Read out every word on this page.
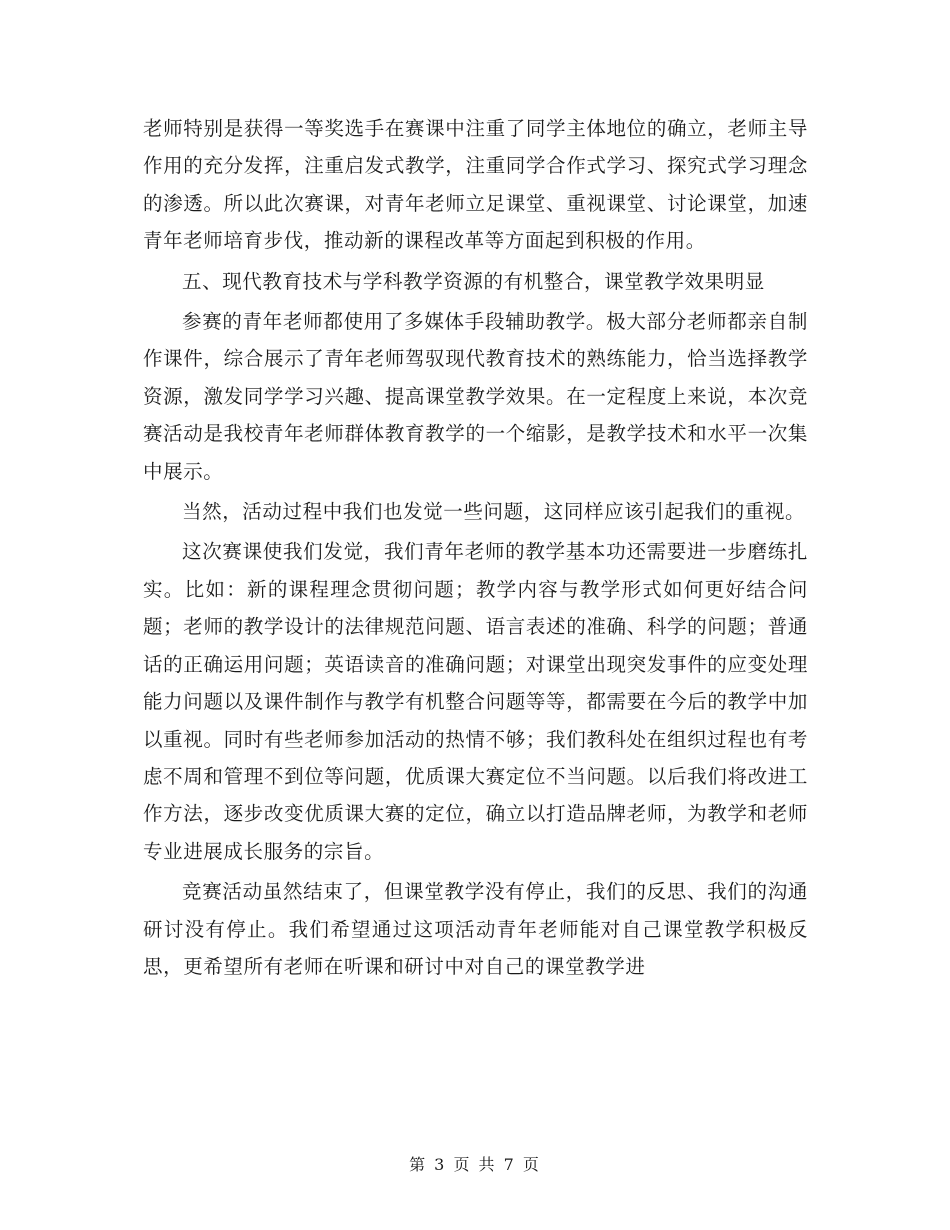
老师特别是获得一等奖选手在赛课中注重了同学主体地位的确立，老师主导作用的充分发挥，注重启发式教学，注重同学合作式学习、探究式学习理念的渗透。所以此次赛课，对青年老师立足课堂、重视课堂、讨论课堂，加速青年老师培育步伐，推动新的课程改革等方面起到积极的作用。

五、现代教育技术与学科教学资源的有机整合，课堂教学效果明显

参赛的青年老师都使用了多媒体手段辅助教学。极大部分老师都亲自制作课件，综合展示了青年老师驾驭现代教育技术的熟练能力，恰当选择教学资源，激发同学学习兴趣、提高课堂教学效果。在一定程度上来说，本次竞赛活动是我校青年老师群体教育教学的一个缩影，是教学技术和水平一次集中展示。

当然，活动过程中我们也发觉一些问题，这同样应该引起我们的重视。

这次赛课使我们发觉，我们青年老师的教学基本功还需要进一步磨练扎实。比如：新的课程理念贯彻问题；教学内容与教学形式如何更好结合问题；老师的教学设计的法律规范问题、语言表述的准确、科学的问题；普通话的正确运用问题；英语读音的准确问题；对课堂出现突发事件的应变处理能力问题以及课件制作与教学有机整合问题等等，都需要在今后的教学中加以重视。同时有些老师参加活动的热情不够；我们教科处在组织过程也有考虑不周和管理不到位等问题，优质课大赛定位不当问题。以后我们将改进工作方法，逐步改变优质课大赛的定位，确立以打造品牌老师，为教学和老师专业进展成长服务的宗旨。

竞赛活动虽然结束了，但课堂教学没有停止，我们的反思、我们的沟通研讨没有停止。我们希望通过这项活动青年老师能对自己课堂教学积极反思，更希望所有老师在听课和研讨中对自己的课堂教学进

第 3 页 共 7 页
